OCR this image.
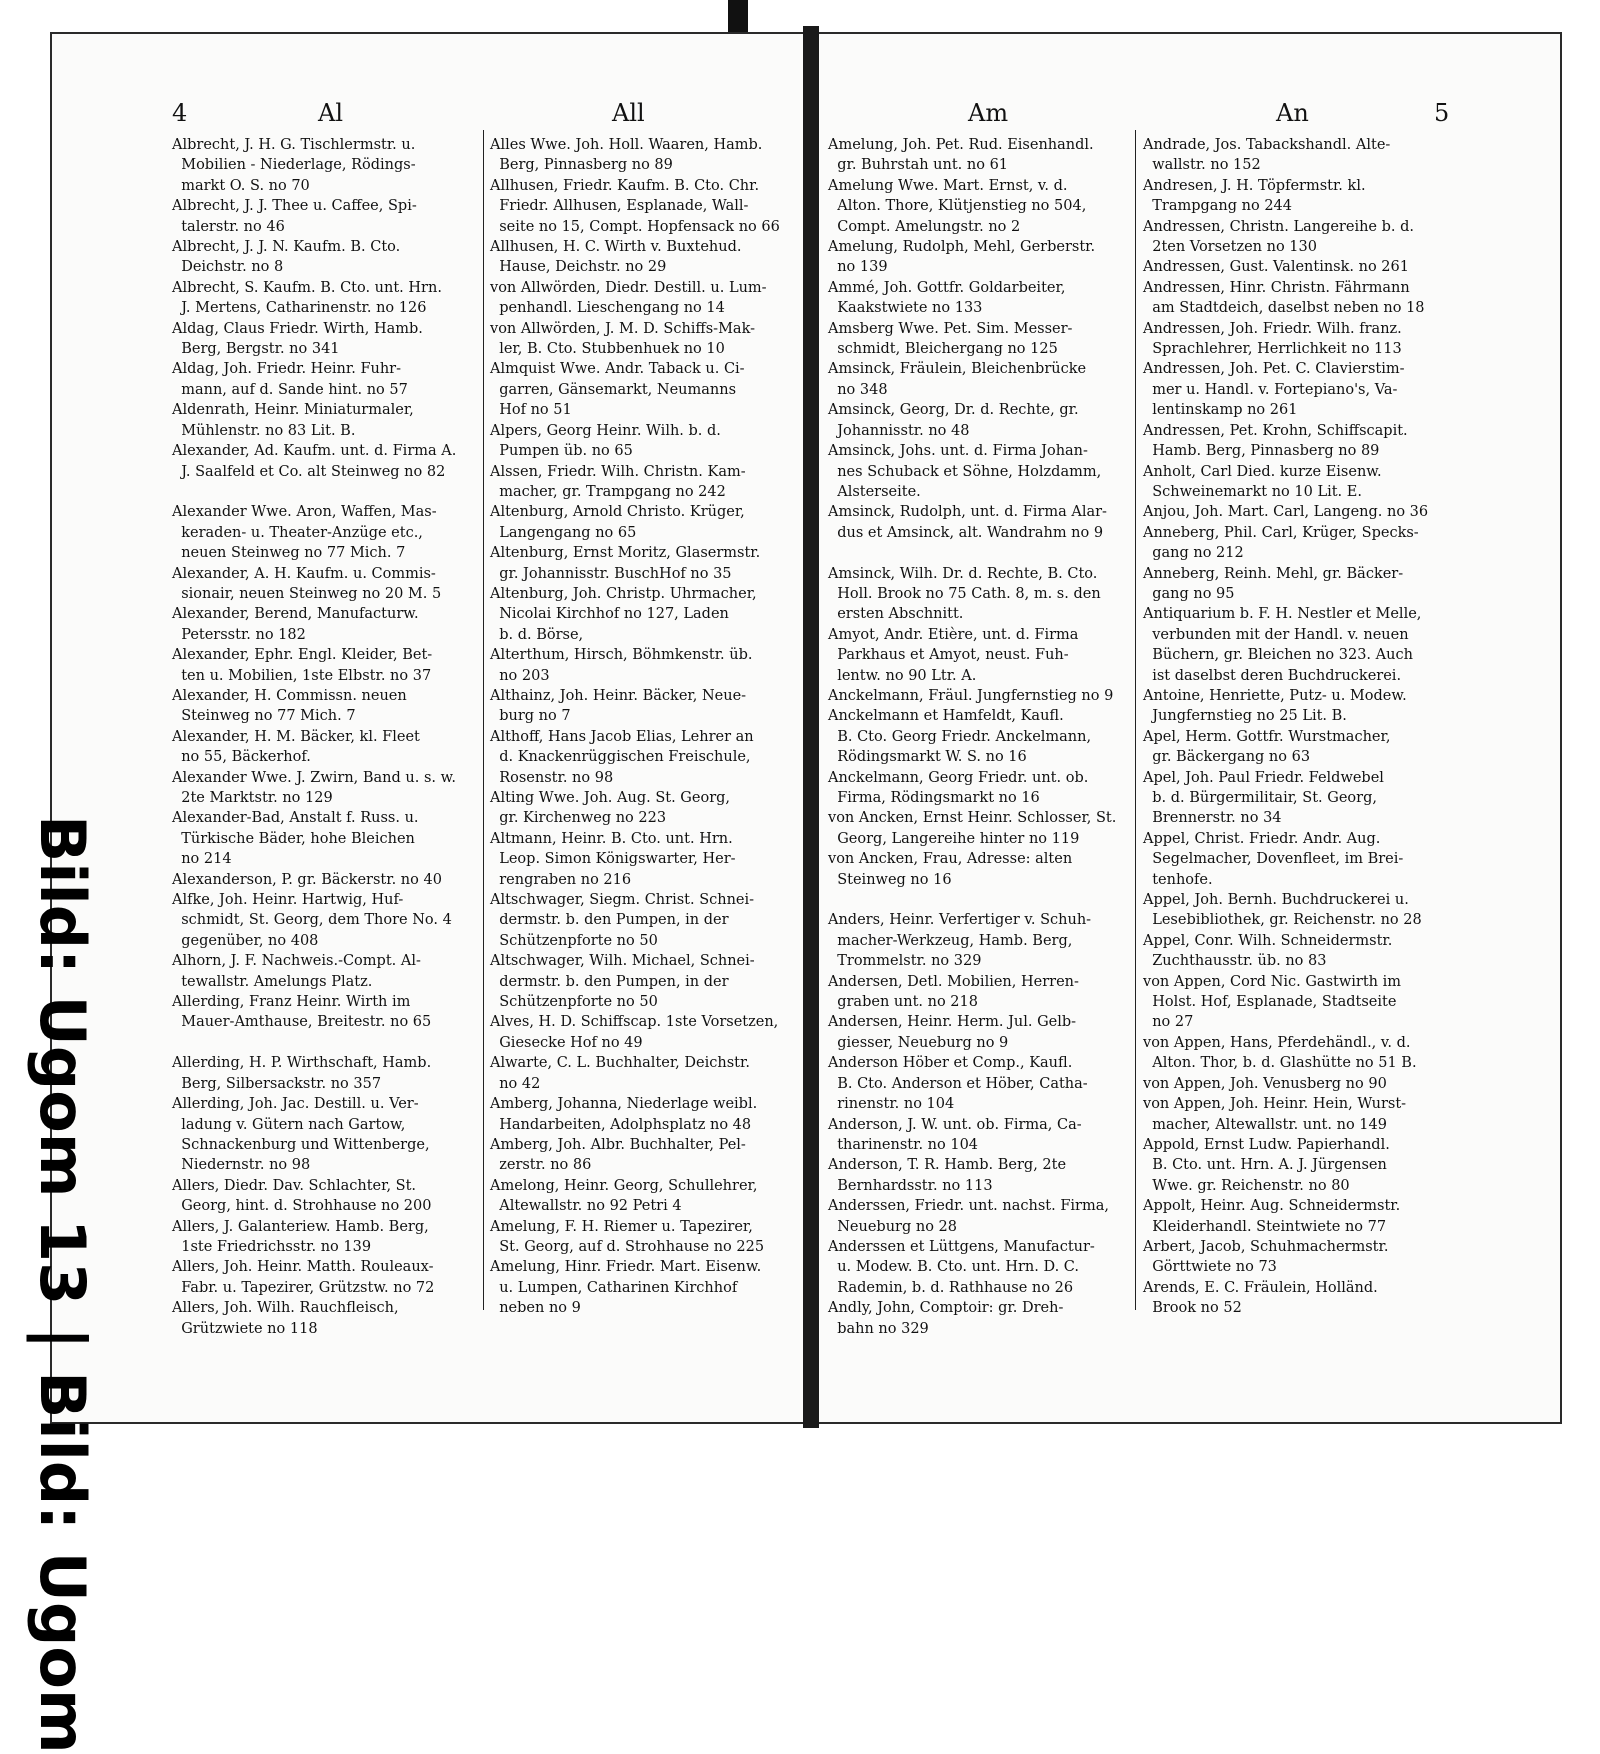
Bild: Ugom Ugom
4	Al	All	Am	An	5
Albrecht, J. H. G. Tischlermstr. u.
Mobilien - Niederlage, Rödings-
markt O. S. no 70
Albrecht, J. J. Thee u. Caffee, Spi-
talerstr. no 46
Albrecht, J. J. N. Kaufm. B. Cto.
Deichstr. no 8
Albrecht, S. Kaufm. B. Cto. unt. Hrn.
J. Mertens, Catharinenstr. no 126
Aldag, Claus Friedr. Wirth, Hamb.
Berg, Bergstr. no 341
Aldag, Joh. Friedr. Heinr. Fuhr-
mann, auf d. Sande hint. no 57
Aldenrath, Heinr. Miniaturmaler,
Mühlenstr. no 83 Lit. B.
Alexander, Ad. Kaufm. unt. d. Firma A.
J. Saalfeld et Co. alt Steinweg no 82

Alexander Wwe. Aron, Waffen, Mas-
keraden- u. Theater-Anzüge etc.,
neuen Steinweg no 77 Mich. 7
Alexander, A. H. Kaufm. u. Commis-
sionair, neuen Steinweg no 20 M. 5
Alexander, Berend, Manufacturw.
Petersstr. no 182
Alexander, Ephr. Engl. Kleider, Bet-
ten u. Mobilien, 1ste Elbstr. no 37
Alexander, H. Commissn. neuen
Steinweg no 77 Mich. 7
Alexander, H. M. Bäcker, kl. Fleet
no 55, Bäckerhof.
Alexander Wwe. J. Zwirn, Band u. s. w.
2te Marktstr. no 129
Alexander-Bad, Anstalt f. Russ. u.
Türkische Bäder, hohe Bleichen
no 214
Alexanderson, P. gr. Bäckerstr. no 40
Alfke, Joh. Heinr. Hartwig, Huf-
schmidt, St. Georg, dem Thore No. 4
gegenüber, no 408
Alhorn, J. F. Nachweis.-Compt. Al-
tewallstr. Amelungs Platz.
Allerding, Franz Heinr. Wirth im
Mauer-Amthause, Breitestr. no 65

Allerding, H. P. Wirthschaft, Hamb.
Berg, Silbersackstr. no 357
Allerding, Joh. Jac. Destill. u. Ver-
ladung v. Gütern nach Gartow,
Schnackenburg und Wittenberge,
Niedernstr. no 98
Allers, Diedr. Dav. Schlachter, St.
Georg, hint. d. Strohhause no 200
Allers, J. Galanteriew. Hamb. Berg,
1ste Friedrichsstr. no 139
Allers, Joh. Heinr. Matth. Rouleaux-
Fabr. u. Tapezirer, Grützstw. no 72
Allers, Joh. Wilh. Rauchfleisch,
Grützwiete no 118
Alles Wwe. Joh. Holl. Waaren, Hamb.
Berg, Pinnasberg no 89
Allhusen, Friedr. Kaufm. B. Cto. Chr.
Friedr. Allhusen, Esplanade, Wall-
seite no 15, Compt. Hopfensack no 66
Allhusen, H. C. Wirth v. Buxtehud.
Hause, Deichstr. no 29
von Allwörden, Diedr. Destill. u. Lum-
penhandl. Lieschengang no 14
von Allwörden, J. M. D. Schiffs-Mak-
ler, B. Cto. Stubbenhuek no 10
Almquist Wwe. Andr. Taback u. Ci-
garren, Gänsemarkt, Neumanns
Hof no 51
Alpers, Georg Heinr. Wilh. b. d.
Pumpen üb. no 65
Alssen, Friedr. Wilh. Christn. Kam-
macher, gr. Trampgang no 242
Altenburg, Arnold Christo. Krüger,
Langengang no 65
Altenburg, Ernst Moritz, Glasermstr.
gr. Johannisstr. BuschHof no 35
Altenburg, Joh. Christp. Uhrmacher,
Nicolai Kirchhof no 127, Laden
b. d. Börse,
Alterthum, Hirsch, Böhmkenstr. üb.
no 203
Althainz, Joh. Heinr. Bäcker, Neue-
burg no 7
Althoff, Hans Jacob Elias, Lehrer an
d. Knackenrüggischen Freischule,
Rosenstr. no 98
Alting Wwe. Joh. Aug. St. Georg,
gr. Kirchenweg no 223
Altmann, Heinr. B. Cto. unt. Hrn.
Leop. Simon Königswarter, Her-
rengraben no 216
Altschwager, Siegm. Christ. Schnei-
dermstr. b. den Pumpen, in der
Schützenpforte no 50
Altschwager, Wilh. Michael, Schnei-
dermstr. b. den Pumpen, in der
Schützenpforte no 50
Alves, H. D. Schiffscap. 1ste Vorsetzen,
Giesecke Hof no 49
Alwarte, C. L. Buchhalter, Deichstr.
no 42
Amberg, Johanna, Niederlage weibl.
Handarbeiten, Adolphsplatz no 48
Amberg, Joh. Albr. Buchhalter, Pel-
zerstr. no 86
Amelong, Heinr. Georg, Schullehrer,
Altewallstr. no 92 Petri 4
Amelung, F. H. Riemer u. Tapezirer,
St. Georg, auf d. Strohhause no 225
Amelung, Hinr. Friedr. Mart. Eisenw.
u. Lumpen, Catharinen Kirchhof
neben no 9
Amelung, Joh. Pet. Rud. Eisenhandl.
gr. Buhrstah unt. no 61
Amelung Wwe. Mart. Ernst, v. d.
Alton. Thore, Klütjenstieg no 504,
Compt. Amelungstr. no 2
Amelung, Rudolph, Mehl, Gerberstr.
no 139
Ammé, Joh. Gottfr. Goldarbeiter,
Kaakstwiete no 133
Amsberg Wwe. Pet. Sim. Messer-
schmidt, Bleichergang no 125
Amsinck, Fräulein, Bleichenbrücke
no 348
Amsinck, Georg, Dr. d. Rechte, gr.
Johannisstr. no 48
Amsinck, Johs. unt. d. Firma Johan-
nes Schuback et Söhne, Holzdamm,
Alsterseite.
Amsinck, Rudolph, unt. d. Firma Alar-
dus et Amsinck, alt. Wandrahm no 9

Amsinck, Wilh. Dr. d. Rechte, B. Cto.
Holl. Brook no 75 Cath. 8, m. s. den
ersten Abschnitt.
Amyot, Andr. Etière, unt. d. Firma
Parkhaus et Amyot, neust. Fuh-
lentw. no 90 Ltr. A.
Anckelmann, Fräul. Jungfernstieg no 9
Anckelmann et Hamfeldt, Kaufl.
B. Cto. Georg Friedr. Anckelmann,
Rödingsmarkt W. S. no 16
Anckelmann, Georg Friedr. unt. ob.
Firma, Rödingsmarkt no 16
von Ancken, Ernst Heinr. Schlosser, St.
Georg, Langereihe hinter no 119
von Ancken, Frau, Adresse: alten
Steinweg no 16

Anders, Heinr. Verfertiger v. Schuh-
macher-Werkzeug, Hamb. Berg,
Trommelstr. no 329
Andersen, Detl. Mobilien, Herren-
graben unt. no 218
Andersen, Heinr. Herm. Jul. Gelb-
giesser, Neueburg no 9
Anderson Höber et Comp., Kaufl.
B. Cto. Anderson et Höber, Catha-
rinenstr. no 104
Anderson, J. W. unt. ob. Firma, Ca-
tharinenstr. no 104
Anderson, T. R. Hamb. Berg, 2te
Bernhardsstr. no 113
Anderssen, Friedr. unt. nachst. Firma,
Neueburg no 28
Anderssen et Lüttgens, Manufactur-
u. Modew. B. Cto. unt. Hrn. D. C.
Rademin, b. d. Rathhause no 26
Andly, John, Comptoir: gr. Dreh-
bahn no 329
Andrade, Jos. Tabackshandl. Alte-
wallstr. no 152
Andresen, J. H. Töpfermstr. kl.
Trampgang no 244
Andressen, Christn. Langereihe b. d.
2ten Vorsetzen no 130
Andressen, Gust. Valentinsk. no 261
Andressen, Hinr. Christn. Fährmann
am Stadtdeich, daselbst neben no 18
Andressen, Joh. Friedr. Wilh. franz.
Sprachlehrer, Herrlichkeit no 113
Andressen, Joh. Pet. C. Clavierstim-
mer u. Handl. v. Fortepiano's, Va-
lentinskamp no 261
Andressen, Pet. Krohn, Schiffscapit.
Hamb. Berg, Pinnasberg no 89
Anholt, Carl Died. kurze Eisenw.
Schweinemarkt no 10 Lit. E.
Anjou, Joh. Mart. Carl, Langeng. no 36
Anneberg, Phil. Carl, Krüger, Specks-
gang no 212
Anneberg, Reinh. Mehl, gr. Bäcker-
gang no 95
Antiquarium b. F. H. Nestler et Melle,
verbunden mit der Handl. v. neuen
Büchern, gr. Bleichen no 323. Auch
ist daselbst deren Buchdruckerei.
Antoine, Henriette, Putz- u. Modew.
Jungfernstieg no 25 Lit. B.
Apel, Herm. Gottfr. Wurstmacher,
gr. Bäckergang no 63
Apel, Joh. Paul Friedr. Feldwebel
b. d. Bürgermilitair, St. Georg,
Brennerstr. no 34
Appel, Christ. Friedr. Andr. Aug.
Segelmacher, Dovenfleet, im Brei-
tenhofe.
Appel, Joh. Bernh. Buchdruckerei u.
Lesebibliothek, gr. Reichenstr. no 28
Appel, Conr. Wilh. Schneidermstr.
Zuchthausstr. üb. no 83
von Appen, Cord Nic. Gastwirth im
Holst. Hof, Esplanade, Stadtseite
no 27
von Appen, Hans, Pferdehändl., v. d.
Alton. Thor, b. d. Glashütte no 51 B.
von Appen, Joh. Venusberg no 90
von Appen, Joh. Heinr. Hein, Wurst-
macher, Altewallstr. unt. no 149
Appold, Ernst Ludw. Papierhandl.
B. Cto. unt. Hrn. A. J. Jürgensen
Wwe. gr. Reichenstr. no 80
Appolt, Heinr. Aug. Schneidermstr.
Kleiderhandl. Steintwiete no 77
Arbert, Jacob, Schuhmachermstr.
Görttwiete no 73
Arends, E. C. Fräulein, Holländ.
Brook no 52
